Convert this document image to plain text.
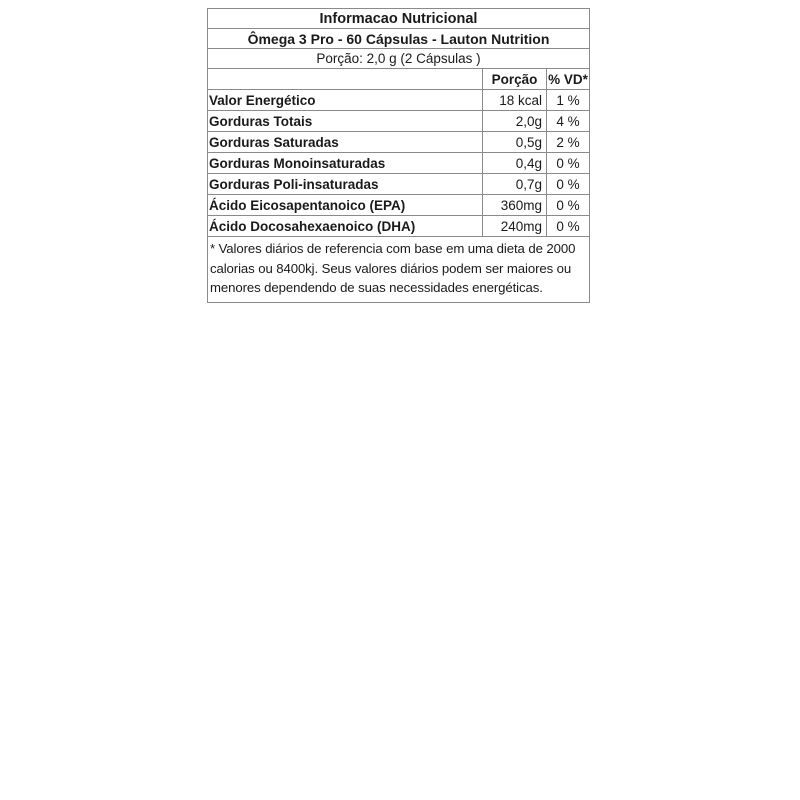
Informacao Nutricional
Ômega 3 Pro - 60 Cápsulas - Lauton Nutrition
Porção: 2,0 g (2 Cápsulas )
Porção % VD*
Valor Energético	18 kcal	1 %
Gorduras Totais	2,0g	4 %
Gorduras Saturadas	0,5g	2 %
Gorduras Monoinsaturadas	0,4g	0 %
Gorduras Poli-insaturadas	0,7g	0 %
Ácido Eicosapentanoico (EPA)	360mg	0 %
Ácido Docosahexaenoico (DHA)	240mg	0 %
* Valores diários de referencia com base em uma dieta de 2000 calorias ou 8400kj. Seus valores diários podem ser maiores ou menores dependendo de suas necessidades energéticas.
